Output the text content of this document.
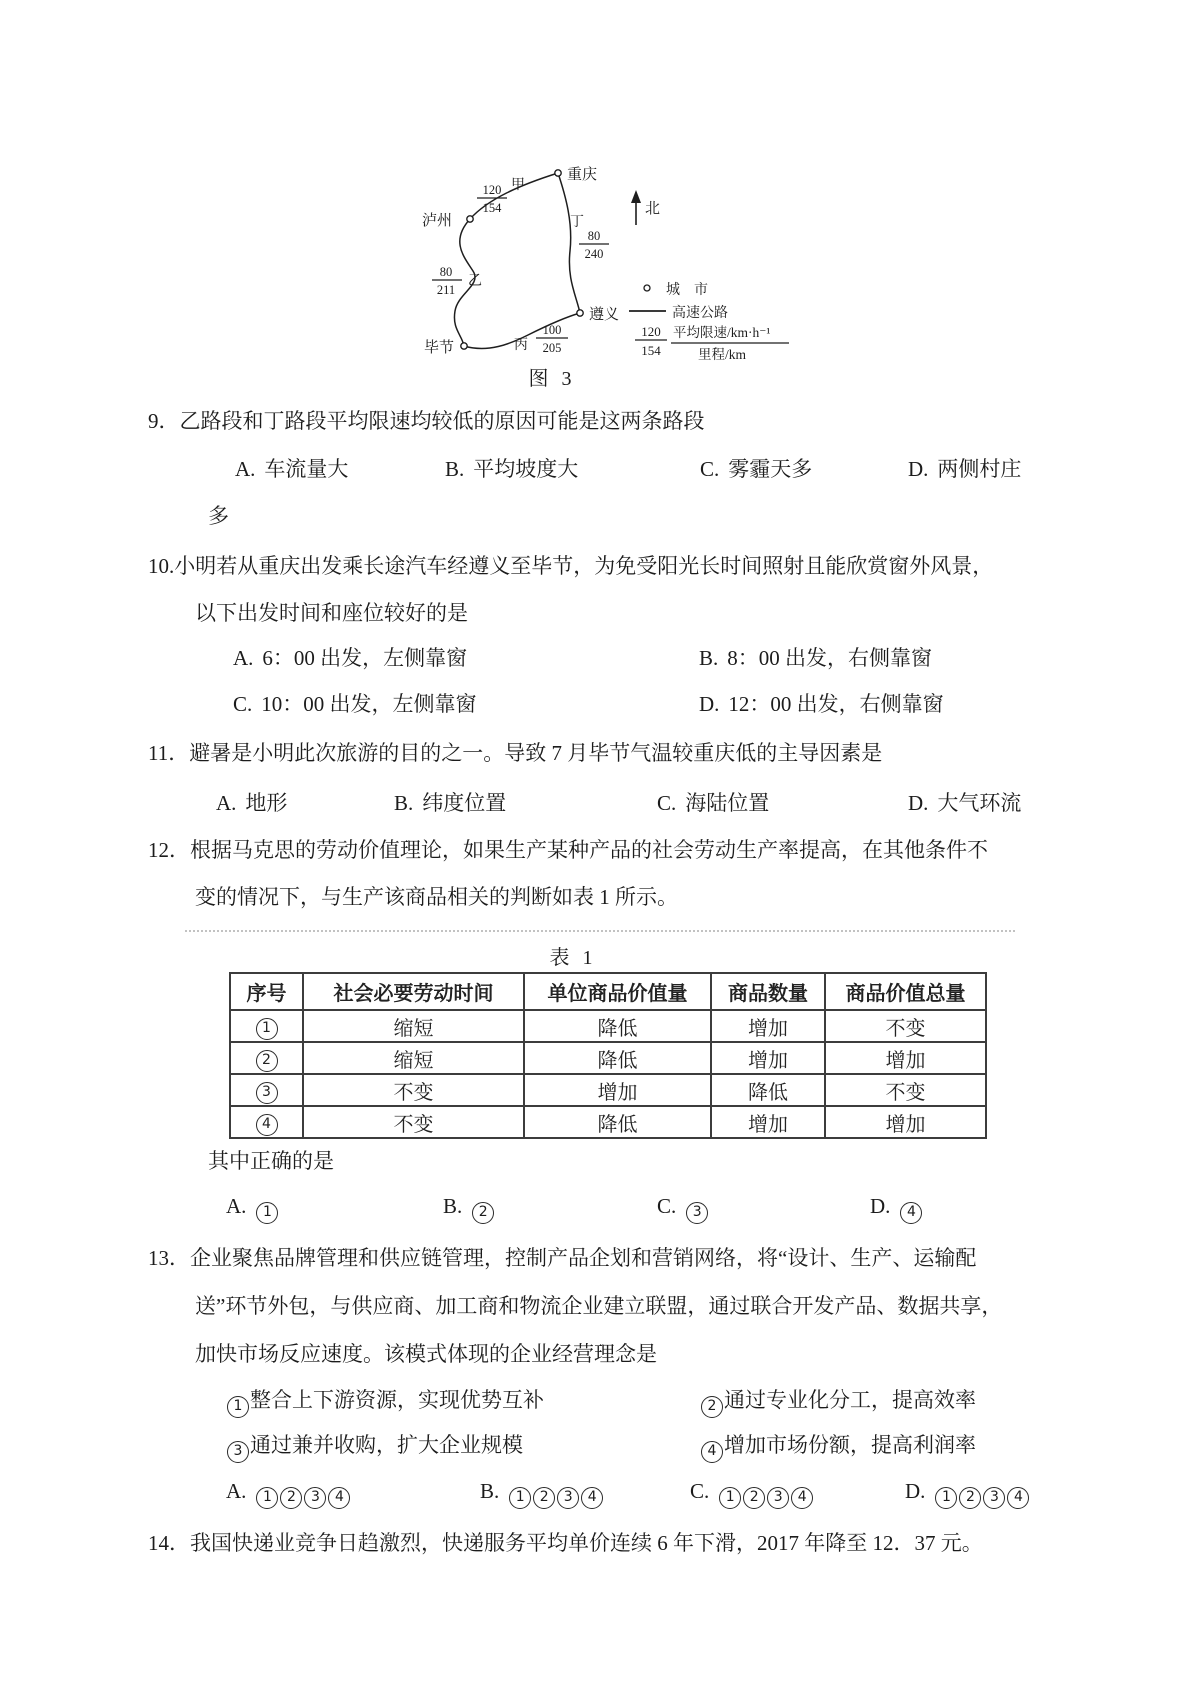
重庆
泸州
毕节
遵义
甲
120
154
丁
80
240
乙
80
211
丙
100
205
北
城　市
高速公路
120
154
平均限速/km·h⁻¹
里程/km
图 3
9．乙路段和丁路段平均限速均较低的原因可能是这两条路段
A. 车流量大	B. 平均坡度大	C. 雾霾天多	D. 两侧村庄
多
10.小明若从重庆出发乘长途汽车经遵义至毕节，为免受阳光长时间照射且能欣赏窗外风景，
以下出发时间和座位较好的是
A. 6：00 出发，左侧靠窗	B. 8：00 出发，右侧靠窗
C. 10：00 出发，左侧靠窗	D. 12：00 出发，右侧靠窗
11．避暑是小明此次旅游的目的之一。导致 7 月毕节气温较重庆低的主导因素是
A. 地形	B. 纬度位置	C. 海陆位置	D. 大气环流
12．根据马克思的劳动价值理论，如果生产某种产品的社会劳动生产率提高，在其他条件不
变的情况下，与生产该商品相关的判断如表 1 所示。
表 1
序号	社会必要劳动时间	单位商品价值量	商品数量	商品价值总量
1	缩短	降低	增加	不变
2	缩短	降低	增加	增加
3	不变	增加	降低	不变
4	不变	降低	增加	增加
其中正确的是
A. 1	B. 2	C. 3	D. 4
13．企业聚焦品牌管理和供应链管理，控制产品企划和营销网络，将“设计、生产、运输配
送”环节外包，与供应商、加工商和物流企业建立联盟，通过联合开发产品、数据共享，
加快市场反应速度。该模式体现的企业经营理念是
1 整合上下游资源，实现优势互补	2 通过专业化分工，提高效率
3 通过兼并收购，扩大企业规模	4 增加市场份额，提高利润率
A. 1 2 3 4	B. 1 2 3 4	C. 1 2 3 4	D. 1 2 3 4
14．我国快递业竞争日趋激烈，快递服务平均单价连续 6 年下滑，2017 年降至 12．37 元。
